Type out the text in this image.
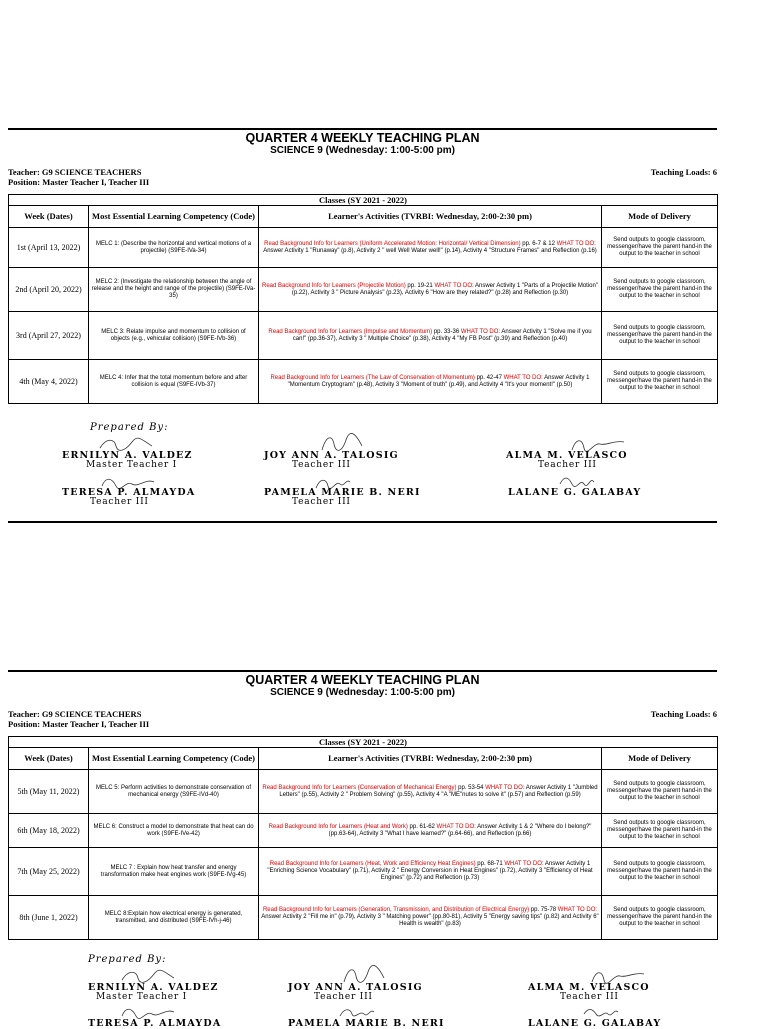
QUARTER 4 WEEKLY TEACHING PLAN
SCIENCE 9 (Wednesday: 1:00-5:00 pm)
Teacher: G9 SCIENCE TEACHERS
Position: Master Teacher I, Teacher III
Teaching Loads: 6
Classes (SY 2021 - 2022)			
Week (Dates)	Most Essential Learning Competency (Code)	Learner's Activities (TVRBI: Wednesday, 2:00-2:30 pm)	Mode of Delivery
1st (April 13, 2022)	MELC 1: (Describe the horizontal and vertical motions of a projectile) (S9FE-IVa-34)	Read Background Info for Learners (Uniform Accelerated Motion: Horizontal/ Vertical Dimension) pp. 6-7 & 12 WHAT TO DO: Answer Activity 1 "Runaway" (p.8), Activity 2 " well Well Water well!" (p.14), Activity 4 "Structure Frames" and Reflection (p.16)	Send outputs to google classroom, messenger/have the parent hand-in the output to the teacher in school
2nd (April 20, 2022)	MELC 2: (Investigate the relationship between the angle of release and the height and range of the projectile) (S9FE-IVa-35)	Read Background Info for Learners (Projectile Motion) pp. 19-21 WHAT TO DO: Answer Activity 1 "Parts of a Projectile Motion" (p.22), Activity 3 " Picture Analysis" (p.23), Activity 6 "How are they related?" (p.28) and Reflection (p.30)	Send outputs to google classroom, messenger/have the parent hand-in the output to the teacher in school
3rd (April 27, 2022)	MELC 3: Relate impulse and momentum to collision of objects (e.g., vehicular collision) (S9FE-IVb-36)	Read Background Info for Learners (Impulse and Momentum) pp. 33-36 WHAT TO DO: Answer Activity 1 "Solve me if you can!" (pp.36-37), Activity 3 " Multiple Choice" (p.38), Activity 4 "My FB Post" (p.39) and Reflection (p.40)	Send outputs to google classroom, messenger/have the parent hand-in the output to the teacher in school
4th (May 4, 2022)	MELC 4: Infer that the total momentum before and after collision is equal (S9FE-IVb-37)	Read Background Info for Learners (The Law of Conservation of Momentum) pp. 42-47 WHAT TO DO: Answer Activity 1 "Momentum Cryptogram" (p.48), Activity 3 "Moment of truth" (p.49), and Activity 4 "It's your moment!" (p.50)	Send outputs to google classroom, messenger/have the parent hand-in the output to the teacher in school
Prepared By:
ERNILYN A. VALDEZ
Master Teacher I
JOY ANN A. TALOSIG
Teacher III
ALMA M. VELASCO
Teacher III
TERESA P. ALMAYDA
Teacher III
PAMELA MARIE B. NERI
Teacher III
LALANE G. GALABAY
QUARTER 4 WEEKLY TEACHING PLAN
SCIENCE 9 (Wednesday: 1:00-5:00 pm)
Teacher: G9 SCIENCE TEACHERS
Position: Master Teacher I, Teacher III
Teaching Loads: 6
Classes (SY 2021 - 2022)			
Week (Dates)	Most Essential Learning Competency (Code)	Learner's Activities (TVRBI: Wednesday, 2:00-2:30 pm)	Mode of Delivery
5th (May 11, 2022)	MELC 5: Perform activities to demonstrate conservation of mechanical energy (S9FE-IVd-40)	Read Background Info for Learners (Conservation of Mechanical Energy) pp. 53-54 WHAT TO DO: Answer Activity 1 "Jumbled Letters" (p.55), Activity 2 " Problem Solving" (p.55), Activity 4 "A "ME"nutes to solve it" (p.57) and Reflection (p.59)	Send outputs to google classroom, messenger/have the parent hand-in the output to the teacher in school
6th (May 18, 2022)	MELC 6: Construct a model to demonstrate that heat can do work (S9FE-IVe-42)	Read Background Info for Learners (Heat and Work) pp. 61-62 WHAT TO DO: Answer Activity 1 & 2 "Where do I belong?" (pp.63-64), Activity 3 "What I have learned?" (p.64-66), and Reflection (p.66)	Send outputs to google classroom, messenger/have the parent hand-in the output to the teacher in school
7th (May 25, 2022)	MELC 7 : Explain how heat transfer and energy transformation make heat engines work (S9FE-IVg-45)	Read Background Info for Learners (Heat, Work and Efficiency Heat Engines) pp. 68-71 WHAT TO DO: Answer Activity 1 "Enriching Science Vocabulary" (p.71), Activity 2 " Energy Conversion in Heat Engines" (p.72), Activity 3 "Efficiency of Heat Engines" (p.72) and Reflection (p.73)	Send outputs to google classroom, messenger/have the parent hand-in the output to the teacher in school
8th (June 1, 2022)	MELC 8:Explain how electrical energy is generated, transmitted, and distributed (S9FE-IVh-j-46)	Read Background Info for Learners (Generation, Transmission, and Distribution of Electrical Energy) pp. 75-78 WHAT TO DO: Answer Activity 2 "Fill me in" (p.79), Activity 3 " Matching power" (pp.80-81), Activity 5 "Energy saving tips" (p.82) and Activity 6" Health is wealth" (p.83)	Send outputs to google classroom, messenger/have the parent hand-in the output to the teacher in school
Prepared By:
ERNILYN A. VALDEZ
Master Teacher I
JOY ANN A. TALOSIG
Teacher III
ALMA M. VELASCO
Teacher III
TERESA P. ALMAYDA	PAMELA MARIE B. NERI	LALANE G. GALABAY
